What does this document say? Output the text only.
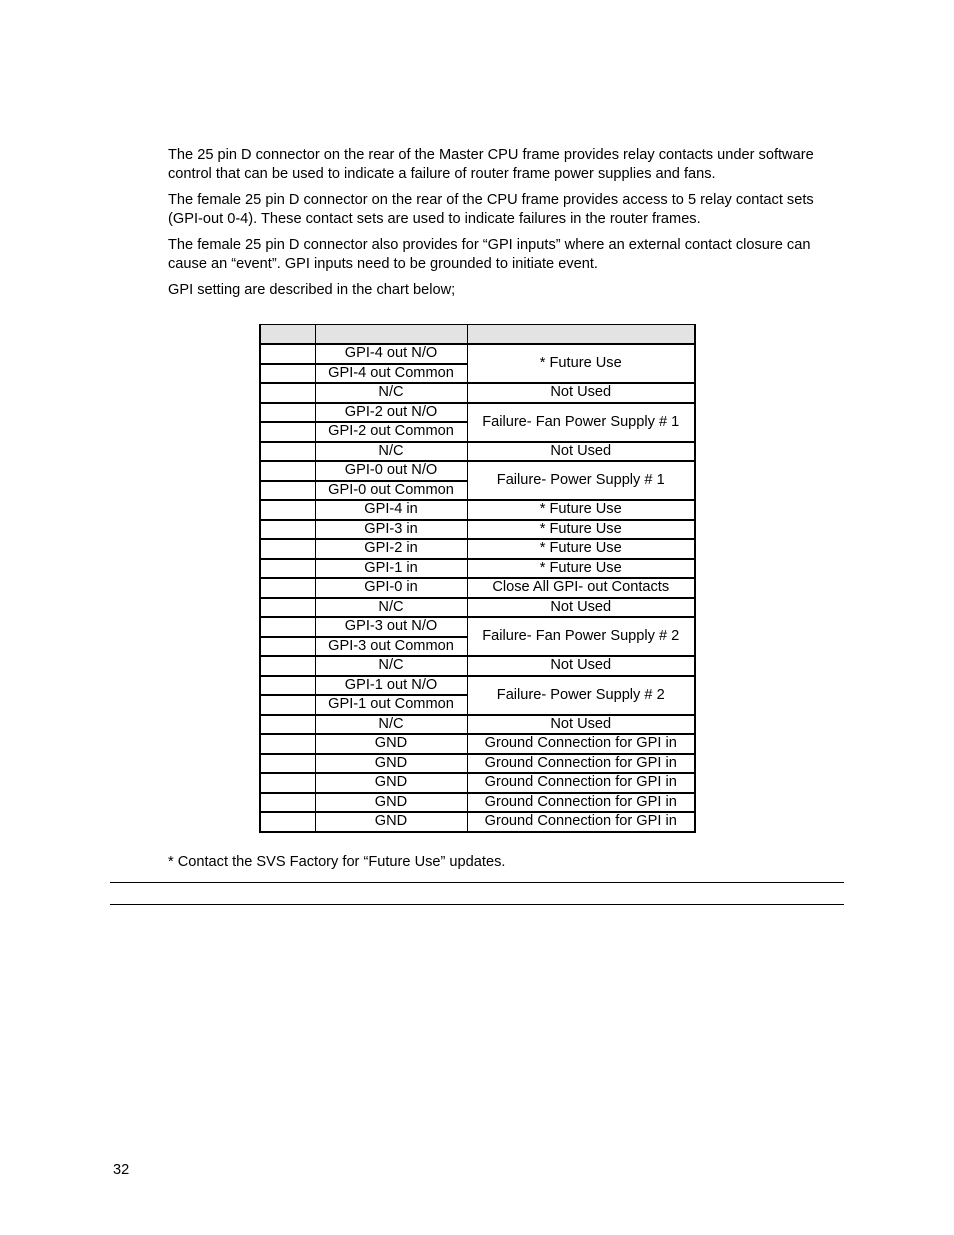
The 25 pin D connector on the rear of the Master CPU frame provides relay contacts under software control that can be used to indicate a failure of router frame power supplies and fans.

The female 25 pin D connector on the rear of the CPU frame provides access to 5 relay contact sets (GPI-out 0-4). These contact sets are used to indicate failures in the router frames.

The female 25 pin D connector also provides for “GPI inputs” where an external contact closure can cause an “event”. GPI inputs need to be grounded to initiate event.

GPI setting are described in the chart below;

	GPI-4 out N/O	* Future Use
	GPI-4 out Common	
	N/C	Not Used
	GPI-2 out N/O	Failure- Fan Power Supply # 1
	GPI-2 out Common	
	N/C	Not Used
	GPI-0 out N/O	Failure- Power Supply # 1
	GPI-0 out Common	
	GPI-4 in	* Future Use
	GPI-3 in	* Future Use
	GPI-2 in	* Future Use
	GPI-1 in	* Future Use
	GPI-0 in	Close All GPI- out Contacts
	N/C	Not Used
	GPI-3 out N/O	Failure- Fan Power Supply # 2
	GPI-3 out Common	
	N/C	Not Used
	GPI-1 out N/O	Failure- Power Supply # 2
	GPI-1 out Common	
	N/C	Not Used
	GND	Ground Connection for GPI in
	GND	Ground Connection for GPI in
	GND	Ground Connection for GPI in
	GND	Ground Connection for GPI in
	GND	Ground Connection for GPI in

* Contact the SVS Factory for “Future Use” updates.

32
